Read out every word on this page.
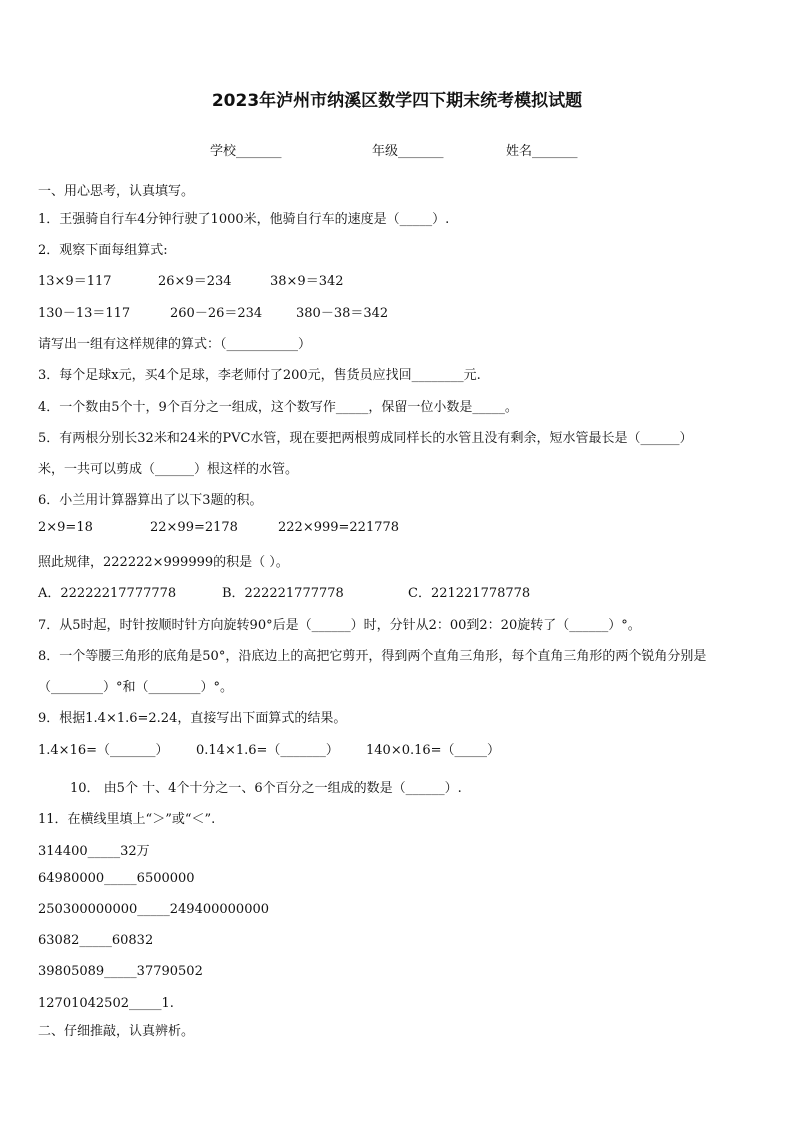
2023年泸州市纳溪区数学四下期末统考模拟试题
学校_______	年级_______	姓名_______
一、用心思考，认真填写。
1．王强骑自行车4分钟行驶了1000米，他骑自行车的速度是（_____）.
2．观察下面每组算式:
13×9＝117	26×9＝234	38×9＝342
130－13＝117	260－26＝234	380－38＝342
请写出一组有这样规律的算式：（___________）
3．每个足球x元，买4个足球，李老师付了200元，售货员应找回________元.
4．一个数由5个十，9个百分之一组成，这个数写作_____，保留一位小数是_____。
5．有两根分别长32米和24米的PVC水管，现在要把两根剪成同样长的水管且没有剩余，短水管最长是（______）
米，一共可以剪成（______）根这样的水管。
6．小兰用计算器算出了以下3题的积。
2×9=18	22×99=2178	222×999=221778
照此规律，222222×999999的积是（ ）。
A．22222217777778	B．222221777778	C．221221778778
7．从5时起，时针按顺时针方向旋转90°后是（______）时，分针从2：00到2：20旋转了（______）°。
8．一个等腰三角形的底角是50°，沿底边上的高把它剪开，得到两个直角三角形，每个直角三角形的两个锐角分别是
（________）°和（________）°。
9．根据1.4×1.6=2.24，直接写出下面算式的结果。
1.4×16=（_______） 0.14×1.6=（_______） 140×0.16=（_____）
10． 由5个 十、4个十分之一、6个百分之一组成的数是（______）.
11．在横线里填上“＞”或“＜”.
314400_____32万
64980000_____6500000
250300000000_____249400000000
63082_____60832
39805089_____37790502
12701042502_____1.
二、仔细推敲，认真辨析。
